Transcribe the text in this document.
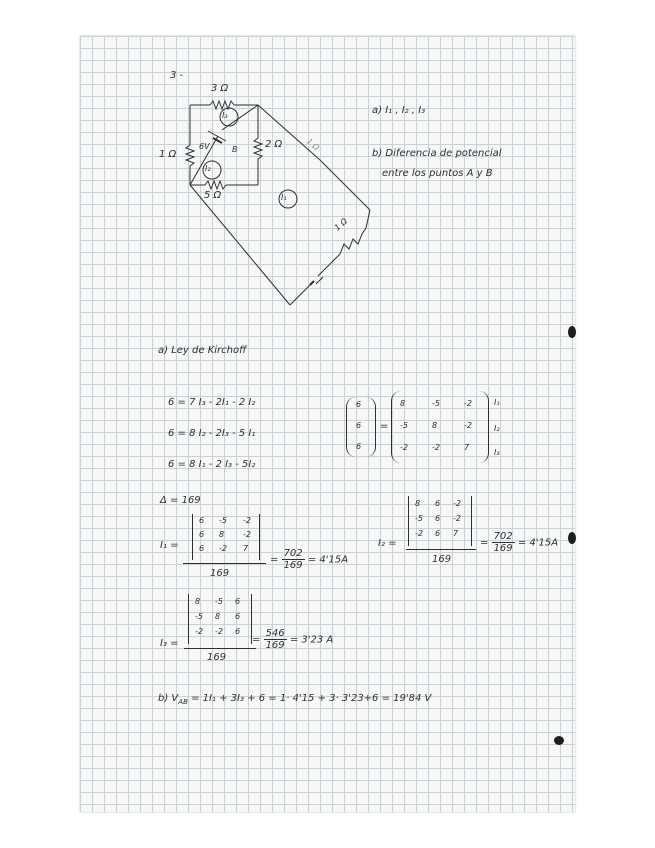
3 -
3 Ω
1 Ω
2 Ω
5 Ω
1 Ω
1 Ω
6V	B
I₃
I₂
I₁
a) I₁ , I₂ , I₃
b) Diferencia de potencial
entre los puntos A y B
a) Ley de Kirchoff
6 = 7 I₃ - 2I₁ - 2 I₂
6 = 8 I₂ - 2I₃ - 5 I₁
6 = 8 I₁ - 2 I₃ - 5I₂
6
6
6
=
8	-5	-2
-5	8	-2
-2	-2	7
I₁
I₂
I₃
Δ = 169
I₁ =
6 -5 -2
6 8 -2
6 -2 7
169
= $\frac{702}{169} = 4'15A$
I₂ =
8 6 -2
-5 6 -2
-2 6 7
169
= $\frac{702}{169} = 4'15A$
I₃ =
8 -5 6
-5 8 6
-2 -2 6
169
= $\frac{546}{169} = 3'23$ A
b) $V_{AB} = 1I_1 + 3I_3 + 6 = 1\cdot 4'15 + 3\cdot 3'23+6 = 19'84$ V
